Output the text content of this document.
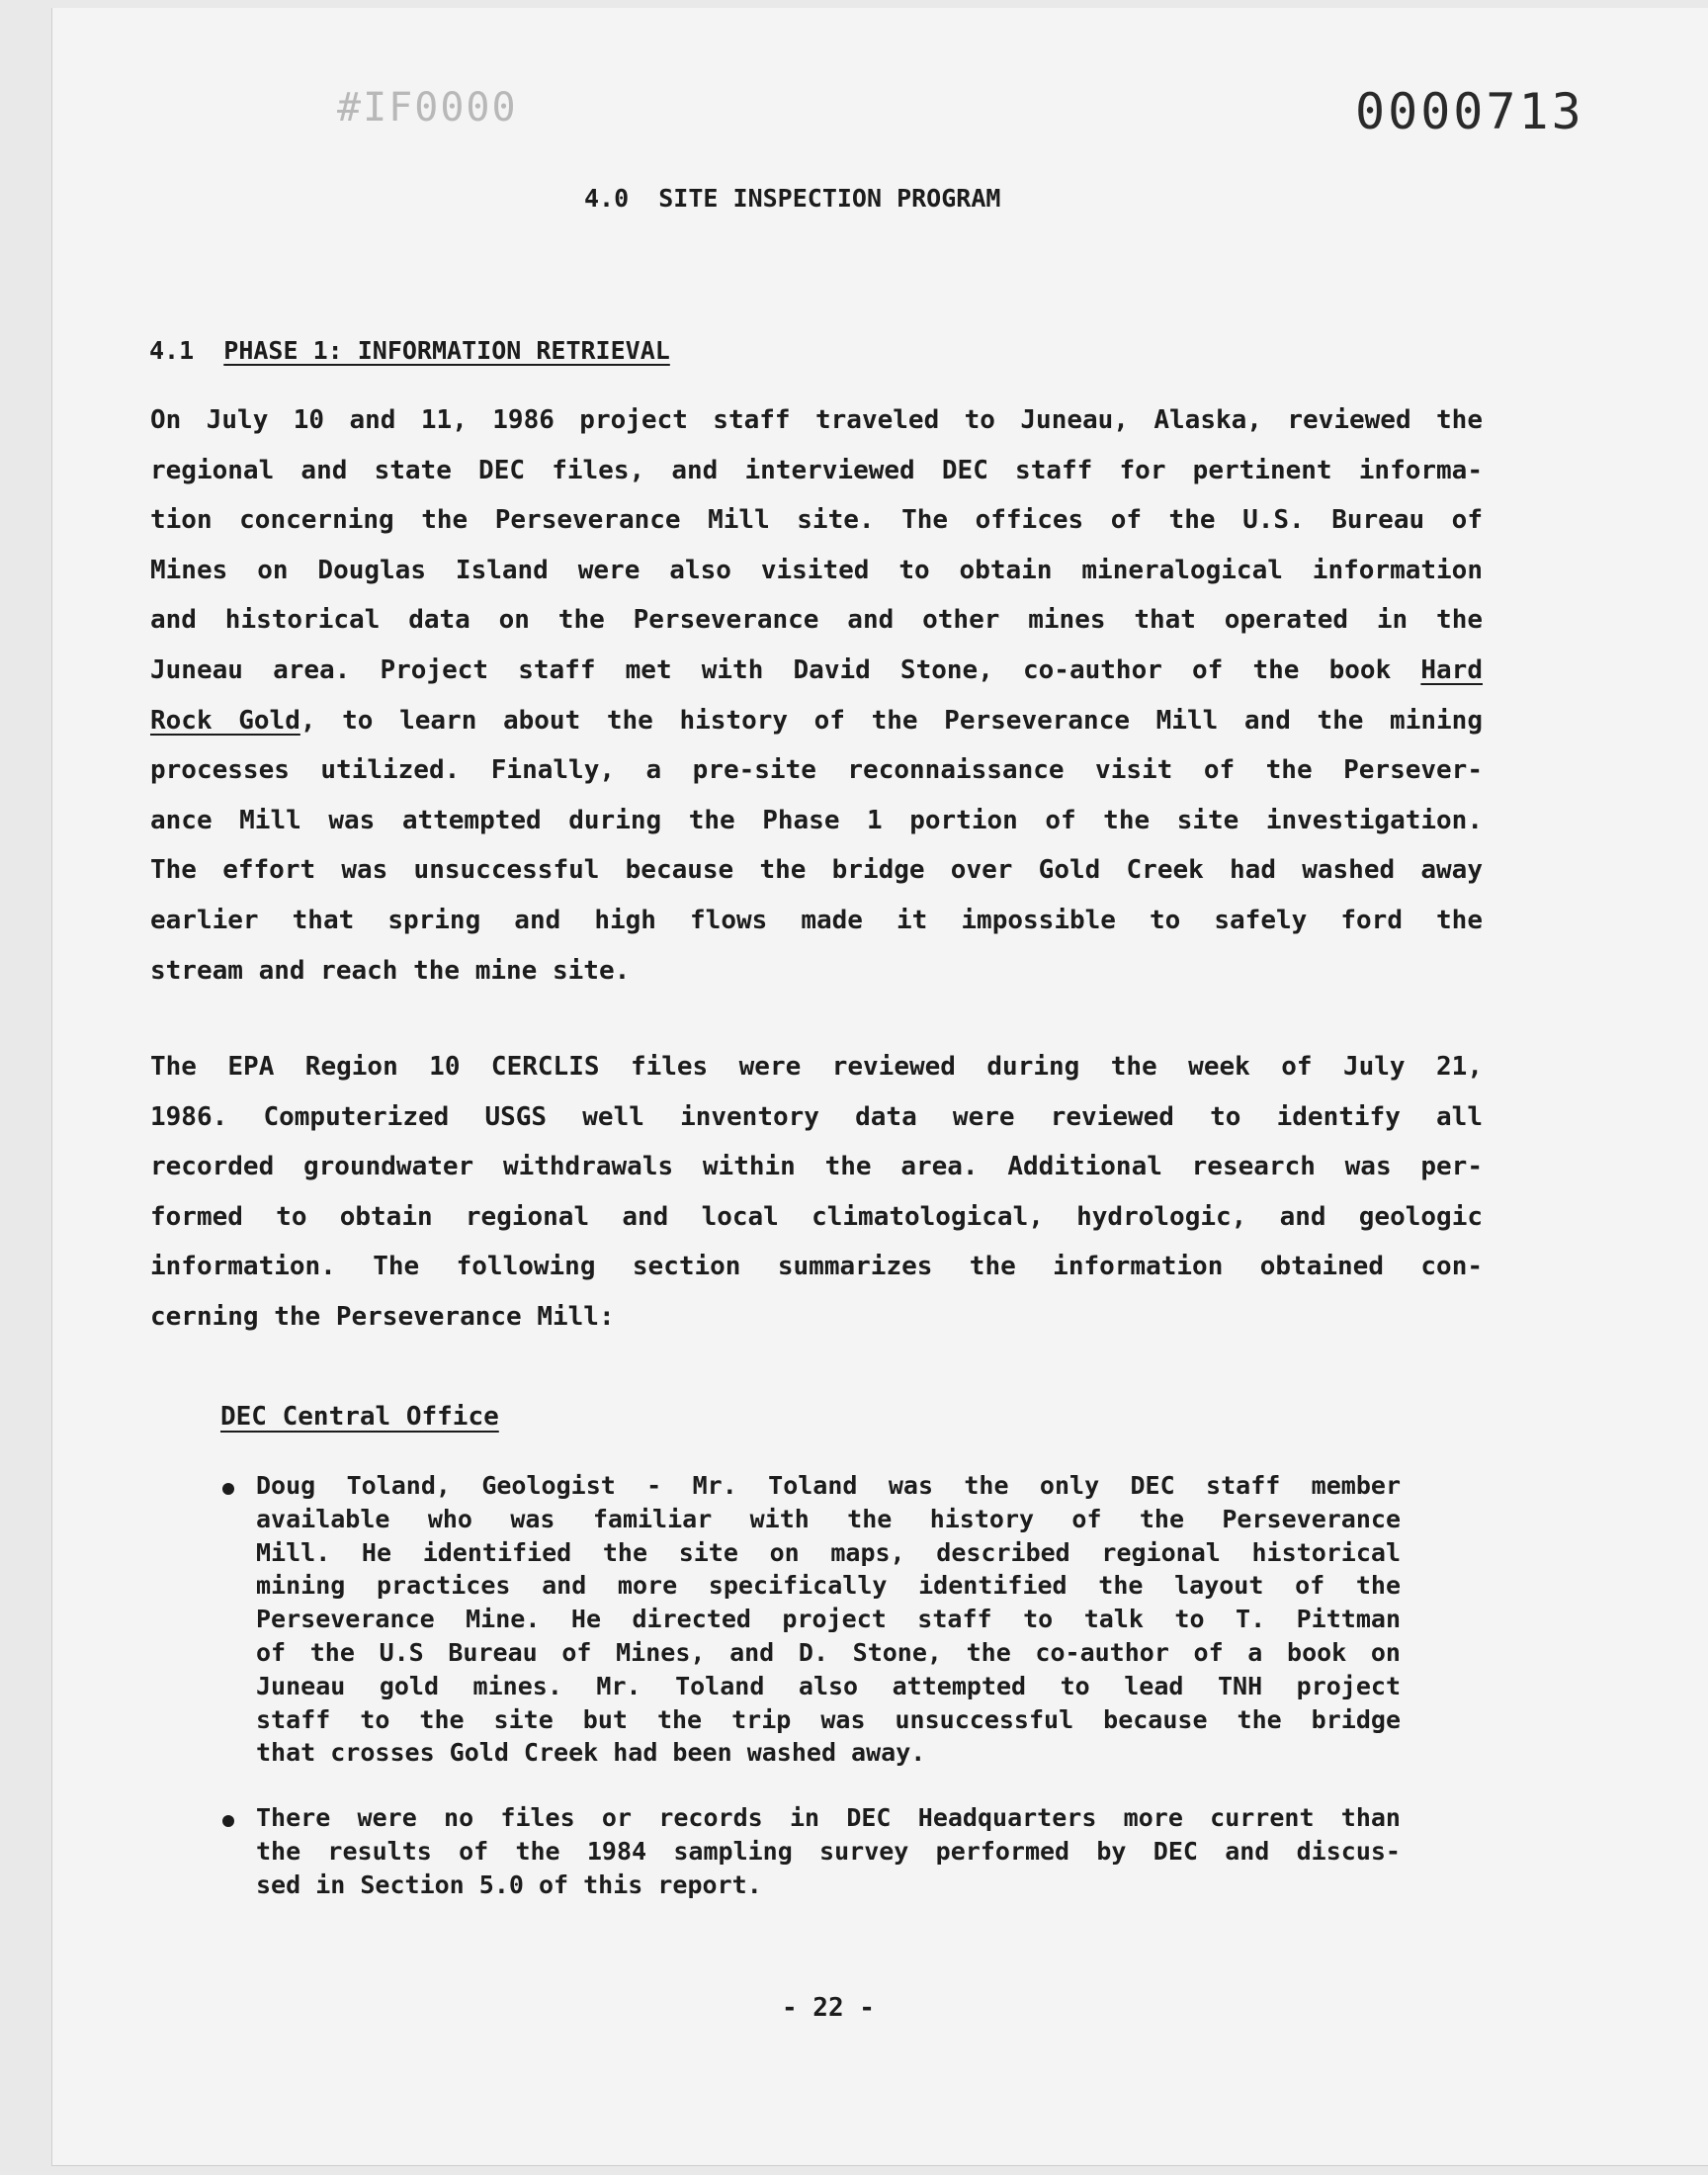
#IF0000	0000713
4.0  SITE INSPECTION PROGRAM
4.1 PHASE 1: INFORMATION RETRIEVAL
On July 10 and 11, 1986 project staff traveled to Juneau, Alaska, reviewed the
regional and state DEC files, and interviewed DEC staff for pertinent informa-
tion concerning the Perseverance Mill site. The offices of the U.S. Bureau of
Mines on Douglas Island were also visited to obtain mineralogical information
and historical data on the Perseverance and other mines that operated in the
Juneau area. Project staff met with David Stone, co-author of the book Hard
Rock Gold, to learn about the history of the Perseverance Mill and the mining
processes utilized. Finally, a pre-site reconnaissance visit of the Persever-
ance Mill was attempted during the Phase 1 portion of the site investigation.
The effort was unsuccessful because the bridge over Gold Creek had washed away
earlier that spring and high flows made it impossible to safely ford the
stream and reach the mine site.
The EPA Region 10 CERCLIS files were reviewed during the week of July 21,
1986. Computerized USGS well inventory data were reviewed to identify all
recorded groundwater withdrawals within the area. Additional research was per-
formed to obtain regional and local climatological, hydrologic, and geologic
information. The following section summarizes the information obtained con-
cerning the Perseverance Mill:
DEC Central Office
Doug Toland, Geologist - Mr. Toland was the only DEC staff member
available who was familiar with the history of the Perseverance
Mill. He identified the site on maps, described regional historical
mining practices and more specifically identified the layout of the
Perseverance Mine. He directed project staff to talk to T. Pittman
of the U.S Bureau of Mines, and D. Stone, the co-author of a book on
Juneau gold mines. Mr. Toland also attempted to lead TNH project
staff to the site but the trip was unsuccessful because the bridge
that crosses Gold Creek had been washed away.
There were no files or records in DEC Headquarters more current than
the results of the 1984 sampling survey performed by DEC and discus-
sed in Section 5.0 of this report.
- 22 -
